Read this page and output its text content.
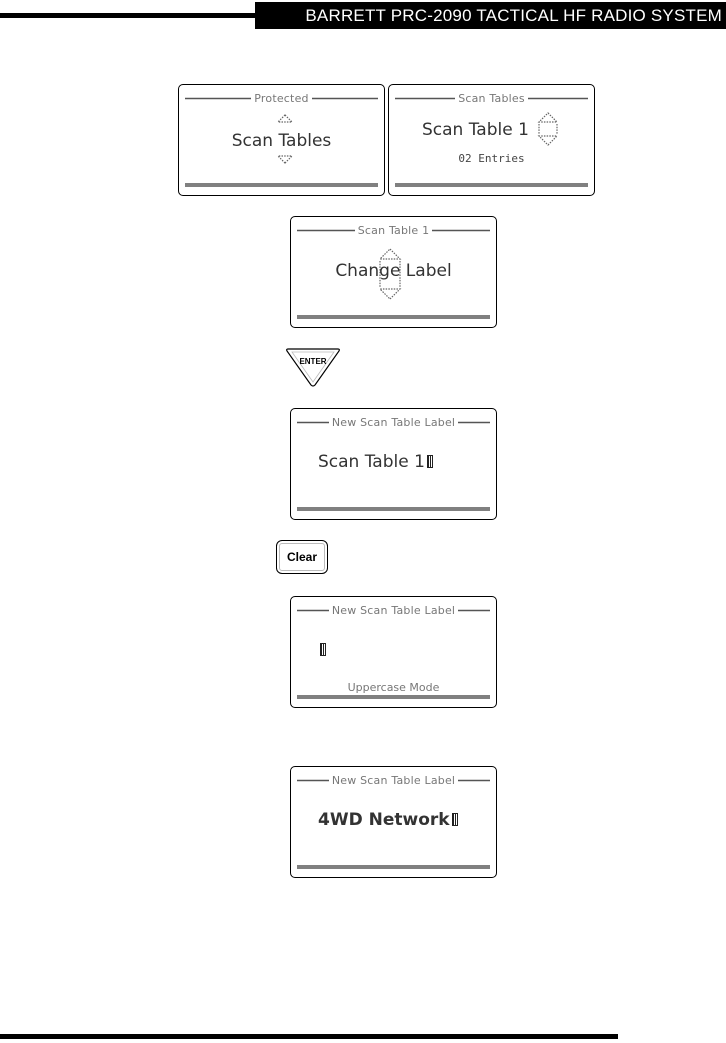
BARRETT PRC-2090 TACTICAL HF RADIO SYSTEM
Protected
Scan Tables
Scan Tables
Scan Table 1
02 Entries
Scan Table 1
Change Label
ENTER
New Scan Table Label
Scan Table 1
Clear
New Scan Table Label
Uppercase Mode
New Scan Table Label
4WD Network
